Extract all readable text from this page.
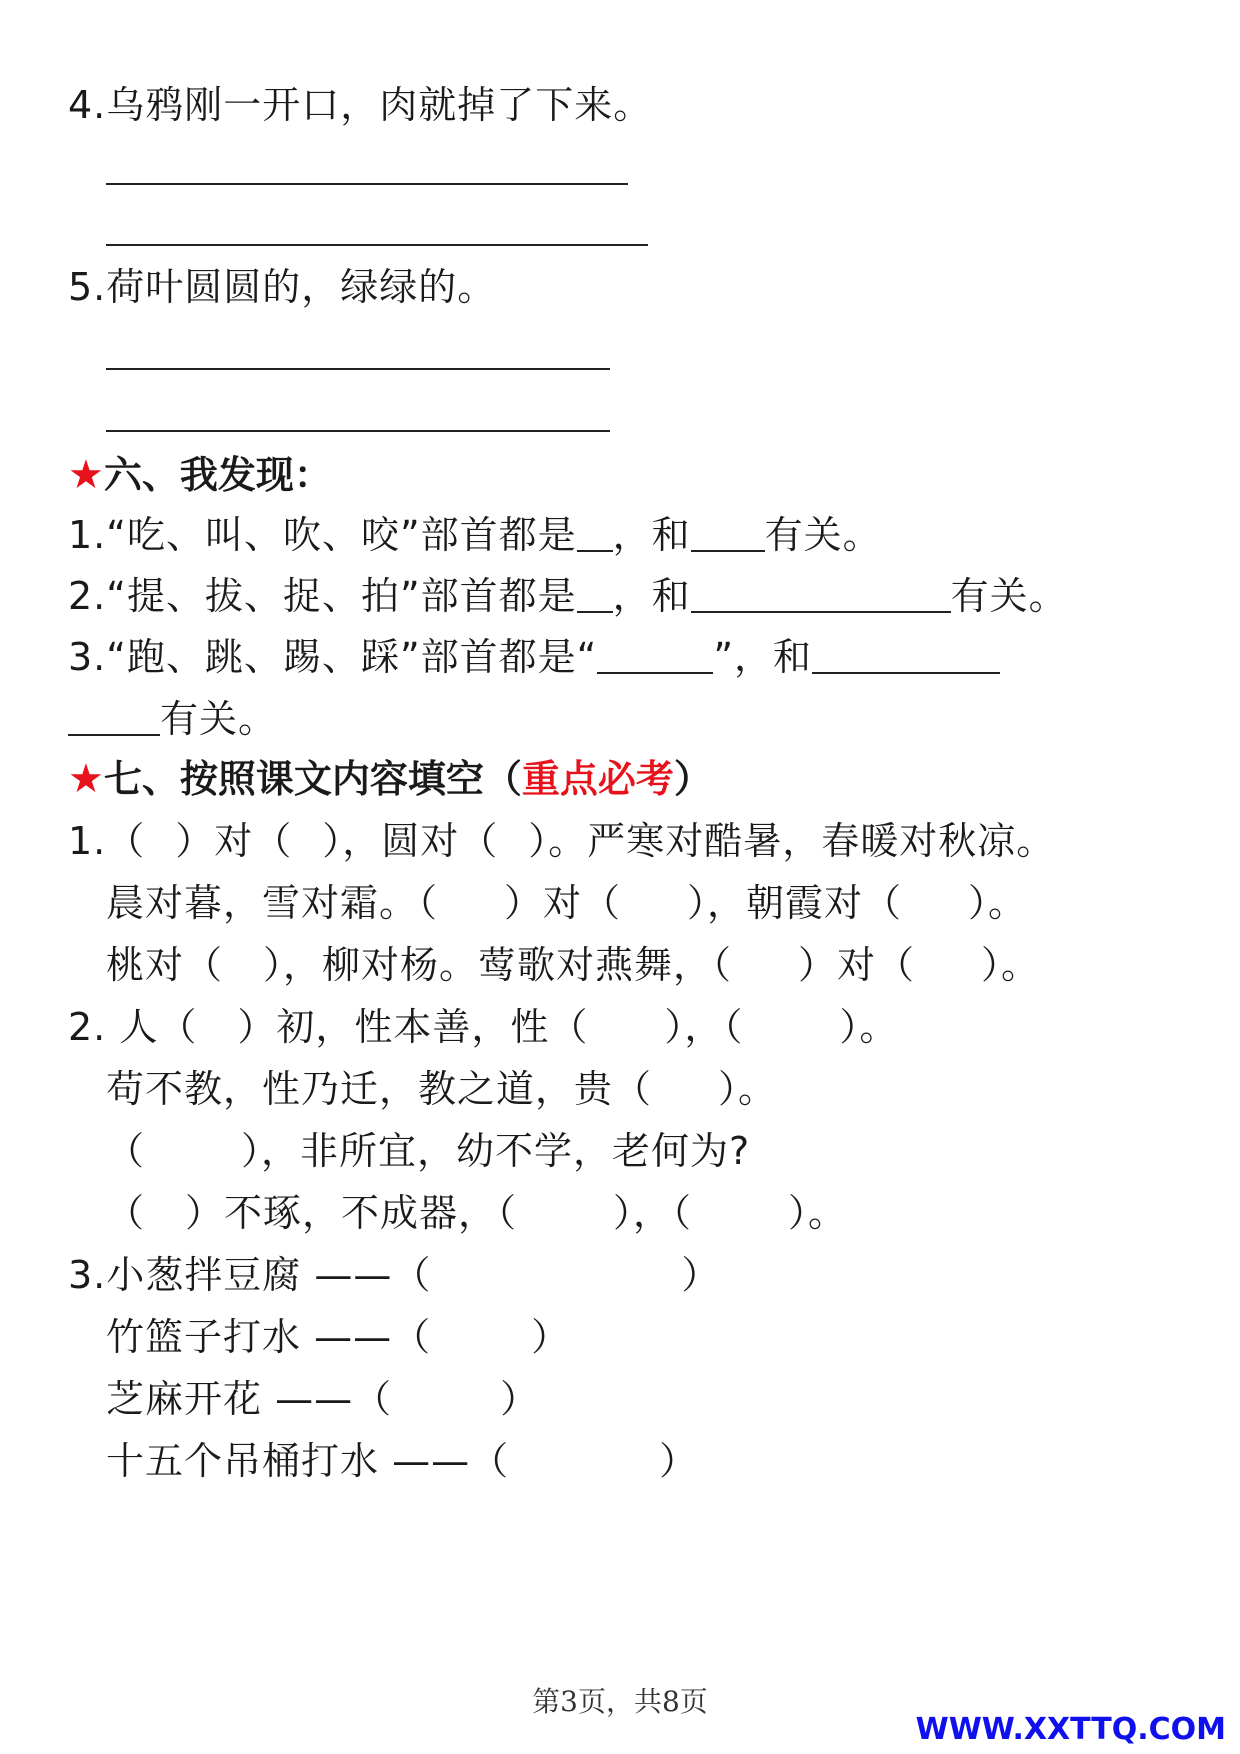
4.乌鸦刚一开口，肉就掉了下来。
5.荷叶圆圆的，绿绿的。
★六、我发现：
1.“吃、叫、吹、咬”部首都是 ，和 有关。
2.“提、拔、捉、拍”部首都是 ，和	有关。
3.“跑、跳、踢、踩”部首都是“	”，和
有关。
★七、按照课文内容填空（重点必考）
1.（ ）对（ ），圆对（ ）。严寒对酷暑，春暖对秋凉。
晨对暮，雪对霜。（ ）对（ ），朝霞对（ ）。
桃对（ ），柳对杨。莺歌对燕舞，（ ）对（ ）。
2. 人（ ）初，性本善，性（ ），（	）。
苟不教，性乃迁，教之道，贵（ ）。
（	），非所宜，幼不学，老何为?
（ ）不琢，不成器，（	），（	）。
3.小葱拌豆腐 ——（	）
竹篮子打水 ——（	）
芝麻开花 ——（	）
十五个吊桶打水 ——（	）
第3页，共8页
WWW.XXTTQ.COM
